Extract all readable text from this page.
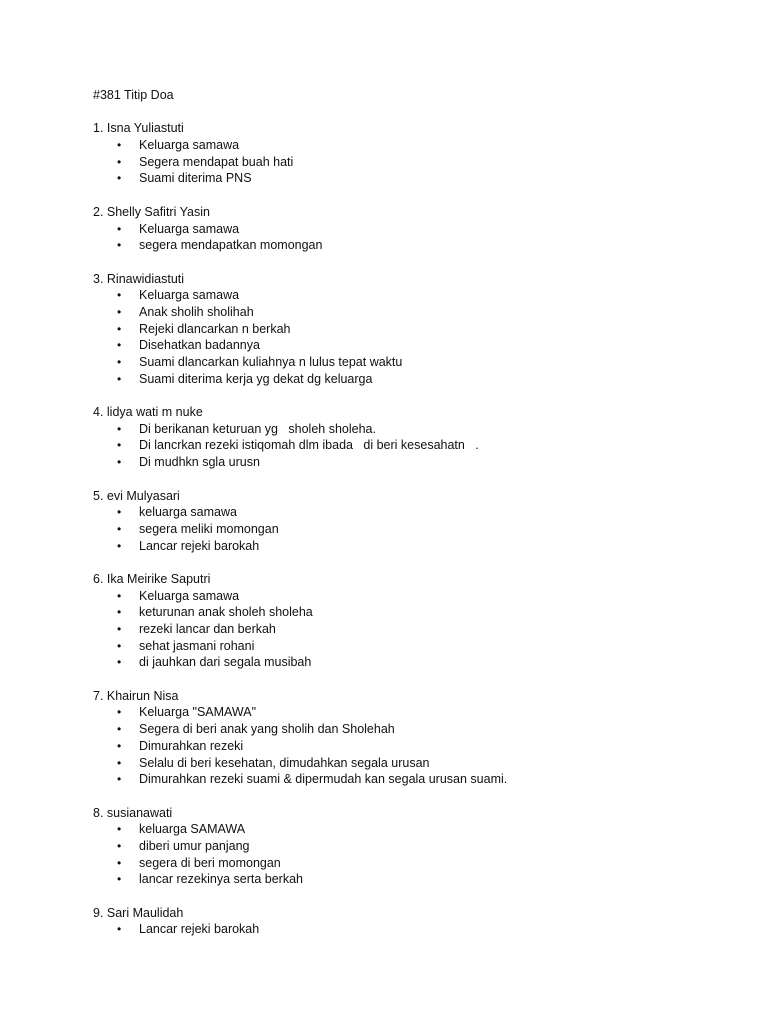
#381 Titip Doa
1. Isna Yuliastuti
• Keluarga samawa
• Segera mendapat buah hati
• Suami diterima PNS
2. Shelly Safitri Yasin
• Keluarga samawa
• segera mendapatkan momongan
3. Rinawidiastuti
• Keluarga samawa
• Anak sholih sholihah
• Rejeki dlancarkan n berkah
• Disehatkan badannya
• Suami dlancarkan kuliahnya n lulus tepat waktu
• Suami diterima kerja yg dekat dg keluarga
4. lidya wati m nuke
• Di berikanan keturuan yg   sholeh sholeha.
• Di lancrkan rezeki istiqomah dlm ibada   di beri kesesahatn   .
• Di mudhkn sgla urusn
5. evi Mulyasari
• keluarga samawa
• segera meliki momongan
• Lancar rejeki barokah
6. Ika Meirike Saputri
• Keluarga samawa
• keturunan anak sholeh sholeha
• rezeki lancar dan berkah
• sehat jasmani rohani
• di jauhkan dari segala musibah
7. Khairun Nisa
• Keluarga "SAMAWA"
• Segera di beri anak yang sholih dan Sholehah
• Dimurahkan rezeki
• Selalu di beri kesehatan, dimudahkan segala urusan
• Dimurahkan rezeki suami & dipermudah kan segala urusan suami.
8. susianawati
• keluarga SAMAWA
• diberi umur panjang
• segera di beri momongan
• lancar rezekinya serta berkah
9. Sari Maulidah
• Lancar rejeki barokah
